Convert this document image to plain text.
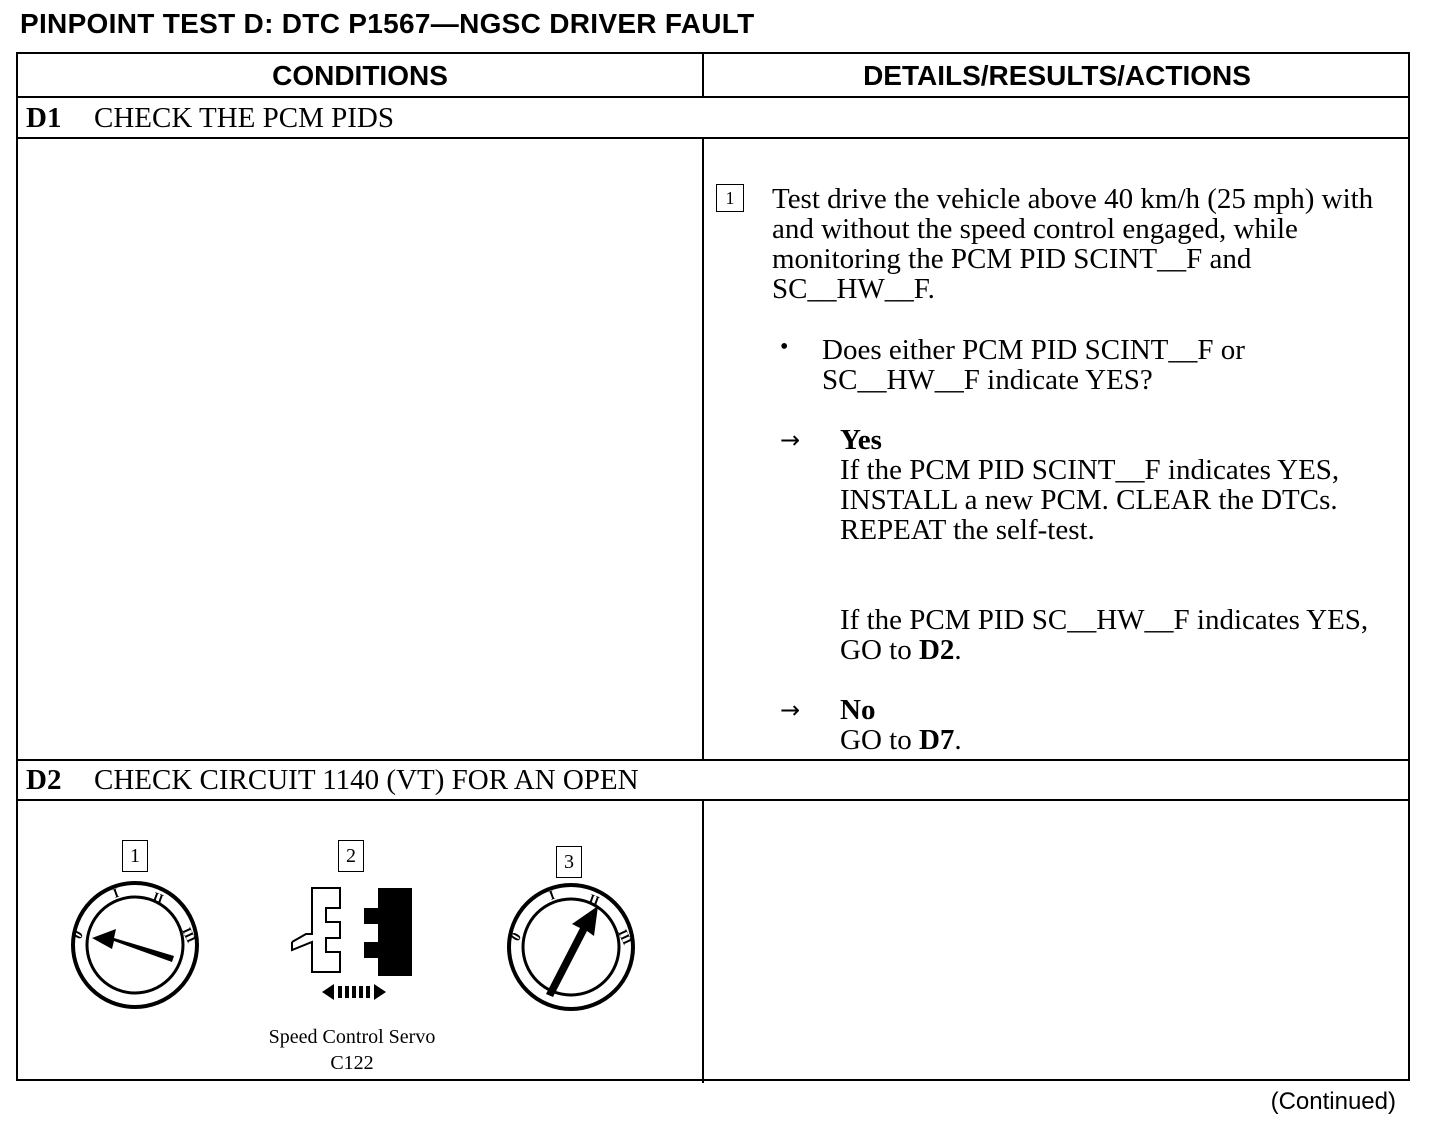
PINPOINT TEST D: DTC P1567—NGSC DRIVER FAULT
CONDITIONS	DETAILS/RESULTS/ACTIONS
D1 CHECK THE PCM PIDS
1	Test drive the vehicle above 40 km/h (25 mph) with
and without the speed control engaged, while
monitoring the PCM PID SCINT__F and
SC__HW__F.
• Does either PCM PID SCINT__F or
SC__HW__F indicate YES?
→ Yes
If the PCM PID SCINT__F indicates YES,
INSTALL a new PCM. CLEAR the DTCs.
REPEAT the self-test.
If the PCM PID SC__HW__F indicates YES,
GO to D2.
→ No
GO to D7.
D2 CHECK CIRCUIT 1140 (VT) FOR AN OPEN
1	2	3
0
I II
III
Speed Control Servo
C122
0
I II
III
(Continued)
